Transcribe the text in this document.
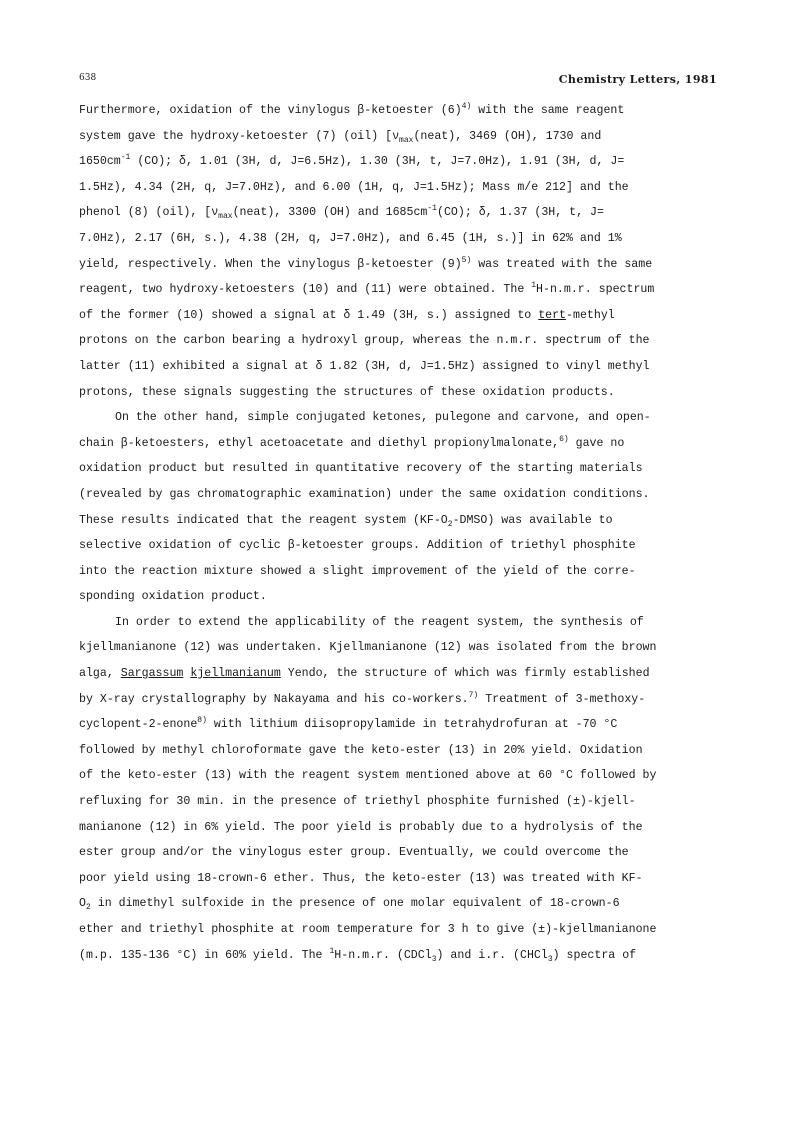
638	Chemistry Letters, 1981
Furthermore, oxidation of the vinylogus β-ketoester $(6)^{4)}$ with the same reagent
system gave the hydroxy-ketoester (7) (oil) [$\nu_{max}(neat)$, 3469 (OH), 1730 and
$1650cm^{-1}$ (CO); δ, 1.01 (3H, d, J=6.5Hz), 1.30 (3H, t, J=7.0Hz), 1.91 (3H, d, J=
1.5Hz), 4.34 (2H, q, J=7.0Hz), and 6.00 (1H, q, J=1.5Hz); Mass m/e 212] and the
phenol (8) (oil), [$\nu_{max}(neat)$, 3300 (OH) and $1685cm^{-1}(CO)$; δ, 1.37 (3H, t, J=
7.0Hz), 2.17 (6H, s.), 4.38 (2H, q, J=7.0Hz), and 6.45 (1H, s.)] in 62% and 1%
yield, respectively. When the vinylogus β-ketoester $(9)^{5)}$ was treated with the same
reagent, two hydroxy-ketoesters (10) and (11) were obtained. The $^1$H-n.m.r. spectrum
of the former (10) showed a signal at δ 1.49 (3H, s.) assigned to tert-methyl
protons on the carbon bearing a hydroxyl group, whereas the n.m.r. spectrum of the
latter (11) exhibited a signal at δ 1.82 (3H, d, J=1.5Hz) assigned to vinyl methyl
protons, these signals suggesting the structures of these oxidation products.
On the other hand, simple conjugated ketones, pulegone and carvone, and open-
chain β-ketoesters, ethyl acetoacetate and diethyl propionylmalonate,$^{6)}$ gave no
oxidation product but resulted in quantitative recovery of the starting materials
(revealed by gas chromatographic examination) under the same oxidation conditions.
These results indicated that the reagent system $(KF-O_2-DMSO)$ was available to
selective oxidation of cyclic β-ketoester groups. Addition of triethyl phosphite
into the reaction mixture showed a slight improvement of the yield of the corre-
sponding oxidation product.
In order to extend the applicability of the reagent system, the synthesis of
kjellmanianone (12) was undertaken. Kjellmanianone (12) was isolated from the brown
alga, Sargassum kjellmanianum Yendo, the structure of which was firmly established
by X-ray crystallography by Nakayama and his co-workers.$^{7)}$ Treatment of 3-methoxy-
cyclopent-2-enone$^{8)}$ with lithium diisopropylamide in tetrahydrofuran at -70 °C
followed by methyl chloroformate gave the keto-ester (13) in 20% yield. Oxidation
of the keto-ester (13) with the reagent system mentioned above at 60 °C followed by
refluxing for 30 min. in the presence of triethyl phosphite furnished (±)-kjell-
manianone (12) in 6% yield. The poor yield is probably due to a hydrolysis of the
ester group and/or the vinylogus ester group. Eventually, we could overcome the
poor yield using 18-crown-6 ether. Thus, the keto-ester (13) was treated with KF-
$O_2$ in dimethyl sulfoxide in the presence of one molar equivalent of 18-crown-6
ether and triethyl phosphite at room temperature for 3 h to give (±)-kjellmanianone
(m.p. 135-136 °C) in 60% yield. The $^1$H-n.m.r. (CDCl$_3$) and i.r. (CHCl$_3$) spectra of
